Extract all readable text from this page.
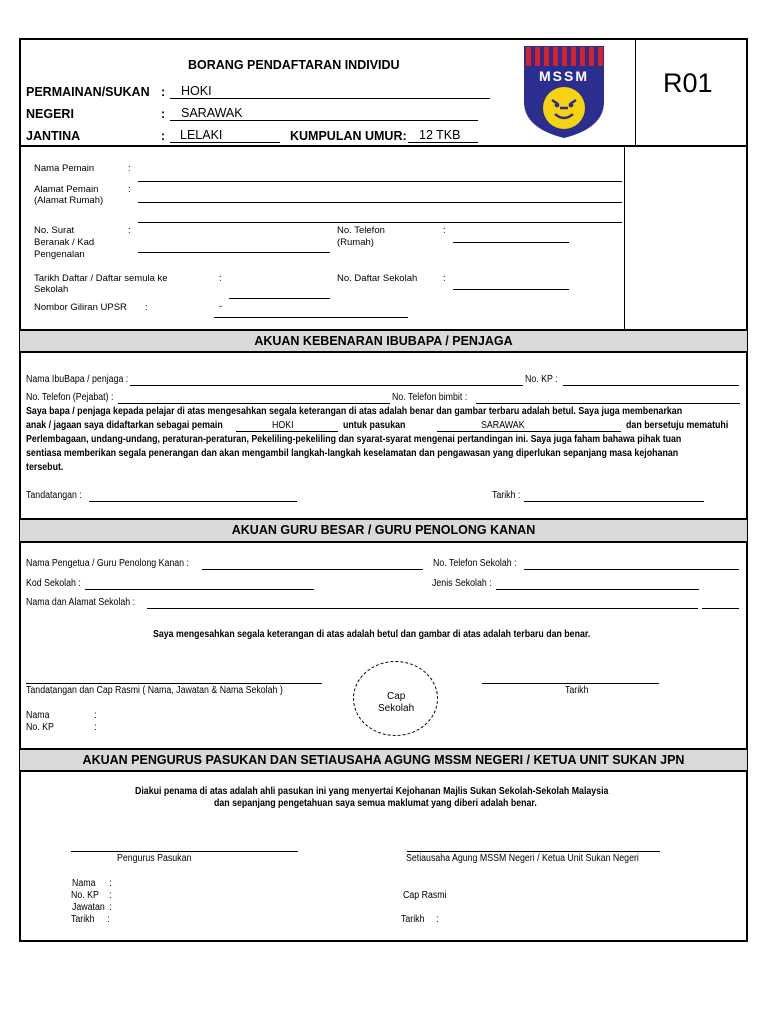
BORANG PENDAFTARAN INDIVIDU
R01
PERMAINAN/SUKAN : HOKI
NEGERI	: SARAWAK
JANTINA	: LELAKI	KUMPULAN UMUR: 12 TKB
MSSM
Nama Pemain	:
Alamat Pemain
(Alamat Rumah)
:
No. Surat
Beranak / Kad
Pengenalan
:	No. Telefon
(Rumah)
:
Tarikh Daftar / Daftar semula ke
Sekolah
:	No. Daftar Sekolah	:
Nombor Giliran UPSR :	-
AKUAN KEBENARAN IBUBAPA / PENJAGA
Nama IbuBapa / penjaga :	No. KP :
No. Telefon (Pejabat) :	No. Telefon bimbit :
Saya bapa / penjaga kepada pelajar di atas mengesahkan segala keterangan di atas adalah benar dan gambar terbaru adalah betul. Saya juga membenarkan
anak / jagaan saya didaftarkan sebagai pemain	HOKI	untuk pasukan	SARAWAK	dan bersetuju mematuhi
Perlembagaan, undang-undang, peraturan-peraturan, Pekeliling-pekeliling dan syarat-syarat mengenai pertandingan ini. Saya juga faham bahawa pihak tuan
sentiasa memberikan segala penerangan dan akan mengambil langkah-langkah keselamatan dan pengawasan yang diperlukan sepanjang masa kejohanan
tersebut.
Tandatangan :	Tarikh :
AKUAN GURU BESAR / GURU PENOLONG KANAN
Nama Pengetua / Guru Penolong Kanan :	No. Telefon Sekolah :
Kod Sekolah :	Jenis Sekolah :
Nama dan Alamat Sekolah :
Saya mengesahkan segala keterangan di atas adalah betul dan gambar di atas adalah terbaru dan benar.
Tandatangan dan Cap Rasmi ( Nama, Jawatan & Nama Sekolah )
Cap
Sekolah
Tarikh
Nama	:
No. KP	:
AKUAN PENGURUS PASUKAN DAN SETIAUSAHA AGUNG MSSM NEGERI / KETUA UNIT SUKAN JPN
Diakui penama di atas adalah ahli pasukan ini yang menyertai Kejohanan Majlis Sukan Sekolah-Sekolah Malaysia
dan sepanjang pengetahuan saya semua maklumat yang diberi adalah benar.
Pengurus Pasukan	Setiausaha Agung MSSM Negeri / Ketua Unit Sukan Negeri
Nama :
No. KP :
Jawatan :
Tarikh :
Cap Rasmi
Tarikh :
